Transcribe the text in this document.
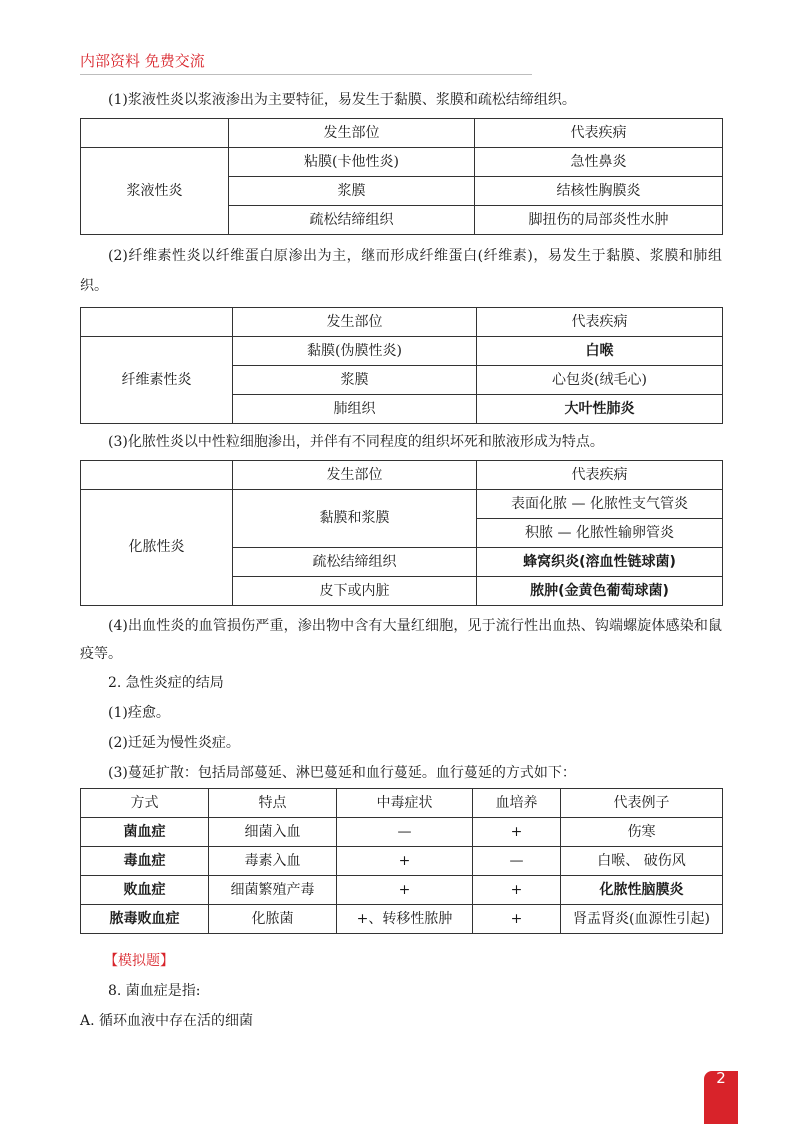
内部资料 免费交流

(1)浆液性炎以浆液渗出为主要特征，易发生于黏膜、浆膜和疏松结缔组织。

	发生部位	代表疾病
浆液性炎	粘膜(卡他性炎)	急性鼻炎
	浆膜	结核性胸膜炎
	疏松结缔组织	脚扭伤的局部炎性水肿

(2)纤维素性炎以纤维蛋白原渗出为主，继而形成纤维蛋白(纤维素)，易发生于黏膜、浆膜和肺组织。

	发生部位	代表疾病
纤维素性炎	黏膜(伪膜性炎)	白喉
	浆膜	心包炎(绒毛心)
	肺组织	大叶性肺炎

(3)化脓性炎以中性粒细胞渗出，并伴有不同程度的组织坏死和脓液形成为特点。

	发生部位	代表疾病
化脓性炎	黏膜和浆膜	表面化脓 — 化脓性支气管炎
		积脓 — 化脓性输卵管炎
	疏松结缔组织	蜂窝织炎(溶血性链球菌)
	皮下或内脏	脓肿(金黄色葡萄球菌)

(4)出血性炎的血管损伤严重，渗出物中含有大量红细胞，见于流行性出血热、钩端螺旋体感染和鼠疫等。

2. 急性炎症的结局

(1)痊愈。

(2)迁延为慢性炎症。

(3)蔓延扩散：包括局部蔓延、淋巴蔓延和血行蔓延。血行蔓延的方式如下：

方式	特点	中毒症状	血培养	代表例子
菌血症	细菌入血	—	+	伤寒
毒血症	毒素入血	+	—	白喉、 破伤风
败血症	细菌繁殖产毒	+	+	化脓性脑膜炎
脓毒败血症	化脓菌	+、转移性脓肿	+	肾盂肾炎(血源性引起)

【模拟题】

8. 菌血症是指:

A. 循环血液中存在活的细菌

2
